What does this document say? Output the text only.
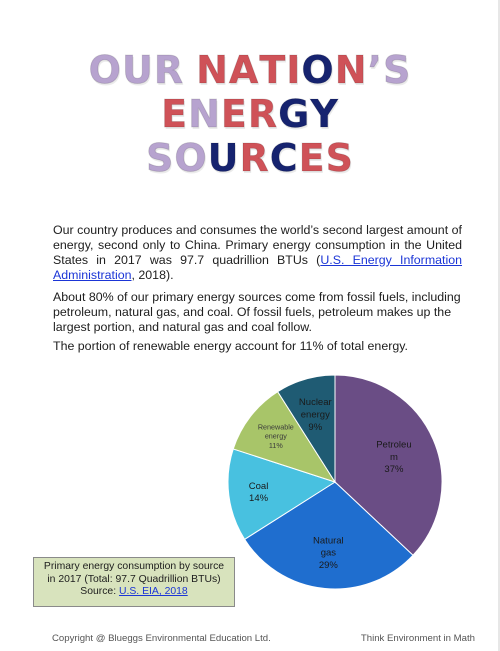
OUR NATION’S
ENERGY
SOURCES
Our country produces and consumes the world’s second largest amount of energy, second only to China. Primary energy consumption in the United States in 2017 was 97.7 quadrillion BTUs (U.S. Energy Information Administration, 2018).
About 80% of our primary energy sources come from fossil fuels, including petroleum, natural gas, and coal. Of fossil fuels, petroleum makes up the largest portion, and natural gas and coal follow.
The portion of renewable energy account for 11% of total energy.
Petroleu m 37%
Natural gas 29%
Coal 14%
Renewable energy 11%
Nuclear energy 9%
Primary energy consumption by source
in 2017 (Total: 97.7 Quadrillion BTUs)
Source: U.S. EIA, 2018
Copyright @ Blueggs Environmental Education Ltd.	Think Environment in Math
